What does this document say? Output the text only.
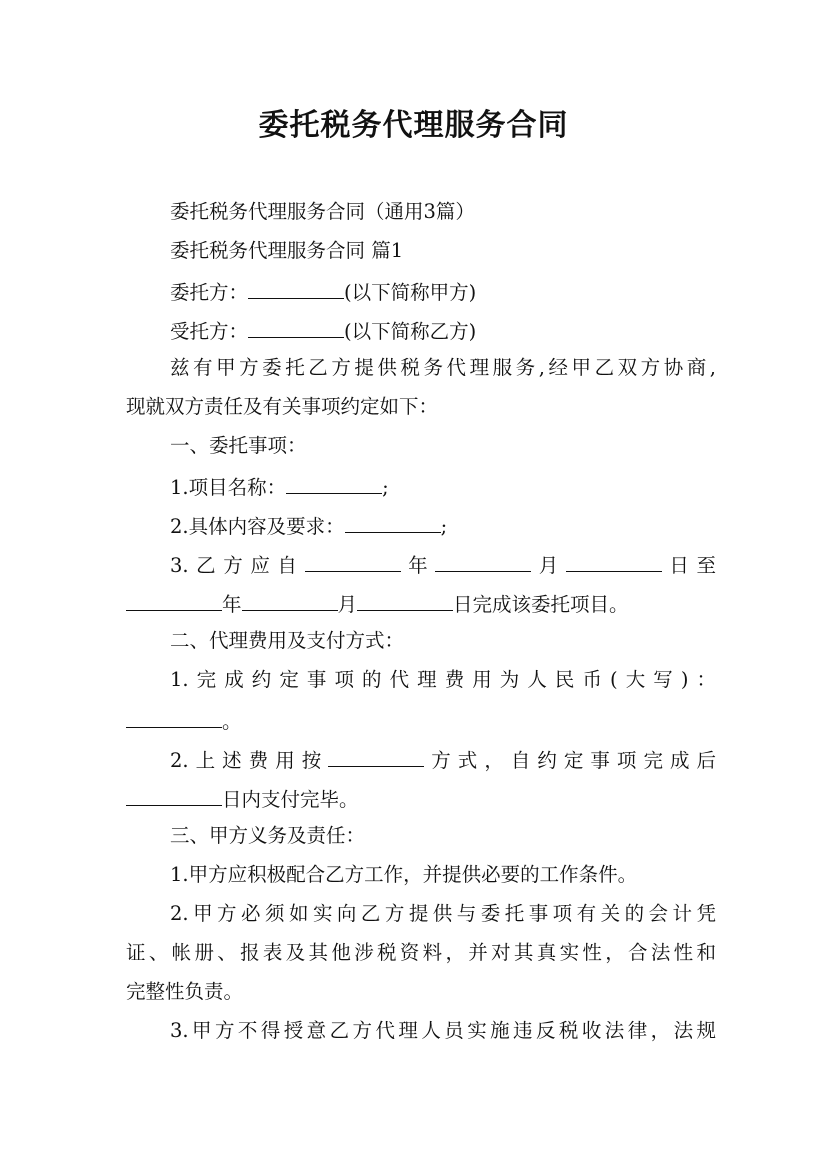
委托税务代理服务合同
委托税务代理服务合同（通用3篇）
委托税务代理服务合同 篇1
委托方：	(以下简称甲方)
受托方：	(以下简称乙方)
兹有甲方委托乙方提供税务代理服务,经甲乙双方协商,
现就双方责任及有关事项约定如下：
一、委托事项：
1.项目名称：	;
2.具体内容及要求：	;
3.乙方应自	年	月	日至
年	月	日完成该委托项目。
二、代理费用及支付方式：
1.完成约定事项的代理费用为人民币(大写)：
。
2.上述费用按	方式，自约定事项完成后
日内支付完毕。
三、甲方义务及责任：
1.甲方应积极配合乙方工作，并提供必要的工作条件。
2.甲方必须如实向乙方提供与委托事项有关的会计凭
证、帐册、报表及其他涉税资料，并对其真实性，合法性和
完整性负责。
3.甲方不得授意乙方代理人员实施违反税收法律，法规
